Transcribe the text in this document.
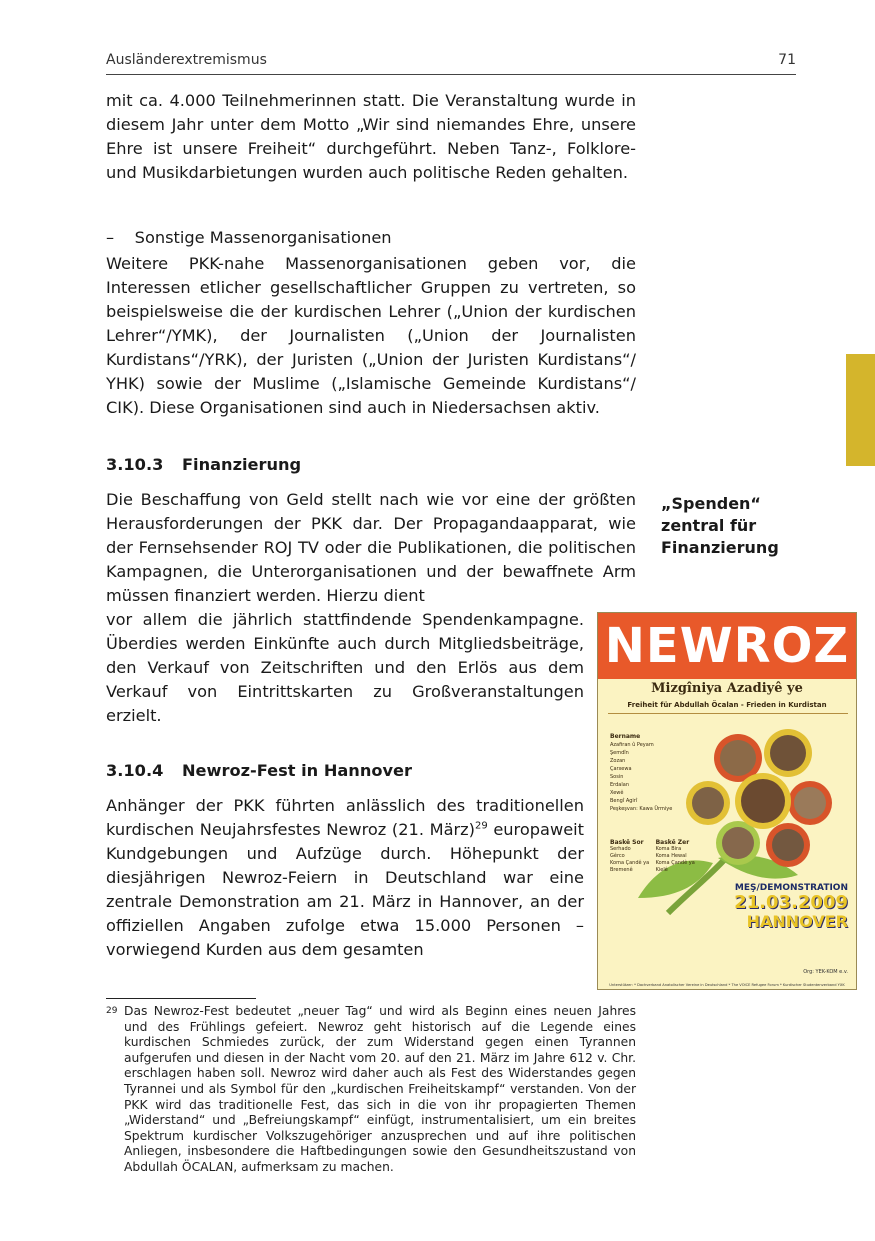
Ausländerextremismus	71

mit ca. 4.000 Teilnehmerinnen statt. Die Veranstaltung wurde in diesem Jahr unter dem Motto „Wir sind niemandes Ehre, unsere Ehre ist unsere Freiheit“ durchgeführt. Neben Tanz-, Folklore- und Musikdarbietungen wurden auch politische Reden gehalten.

–    Sonstige Massenorganisationen

Weitere PKK-nahe Massenorganisationen geben vor, die Interessen etlicher gesellschaftlicher Gruppen zu vertreten, so beispielsweise die der kurdischen Lehrer („Union der kurdischen Lehrer“/YMK), der Journalisten („Union der Journalisten Kurdistans“/YRK), der Juristen („Union der Juristen Kurdistans“/ YHK) sowie der Muslime („Islamische Gemeinde Kurdistans“/ CIK). Diese Organisationen sind auch in Niedersachsen aktiv.

3.10.3 Finanzierung

Die Beschaffung von Geld stellt nach wie vor eine der größten Herausforderungen der PKK dar. Der Propagandaapparat, wie der Fernsehsender ROJ TV oder die Publikationen, die politischen Kampagnen, die Unterorganisationen und der bewaffnete Arm müssen finanziert werden. Hierzu dient

vor allem die jährlich stattfindende Spendenkampagne. Überdies werden Einkünfte auch durch Mitgliedsbeiträge, den Verkauf von Zeitschriften und den Erlös aus dem Verkauf von Eintrittskarten zu Großveranstaltungen erzielt.

„Spenden“
zentral für
Finanzierung
3.10.4 Newroz-Fest in Hannover

Anhänger der PKK führten anlässlich des traditionellen kurdischen Neujahrsfestes Newroz (21. März)$^{29}$ europaweit Kundgebungen und Aufzüge durch. Höhepunkt der diesjährigen Newroz-Feiern in Deutschland war eine zentrale Demonstration am 21. März in Hannover, an der offiziellen Angaben zufolge etwa 15.000 Personen – vorwiegend Kurden aus dem gesamten

NEWROZ
Mizgîniya Azadiyê ye
Freiheit für Abdullah Öcalan - Frieden in Kurdistan
Bername
Azafiran û Peyam
Şemdîn
Zozan
Çarxewa
Sosin
Erdalan
Xewê
Bengî Agirî
Peşkeşvan: Kawa Ürmiye
Baskê Sor
Serhado
Gêrco
Koma Çandê ya
Bremenê

Baskê Zer
Koma Bira
Koma Hewal
Koma Çandê ya
Kielê
MEŞ/DEMONSTRATION
21.03.2009
HANNOVER
Org: YEK-KOM e.v.
Unterstützer: * Dachverband Anatolischer Vereine in Deutschland * The VOICE Refugee Forum * Kurdischer Studentenverband YXK
29 Das Newroz-Fest bedeutet „neuer Tag“ und wird als Beginn eines neuen Jahres und des Frühlings gefeiert. Newroz geht historisch auf die Legende eines kurdischen Schmiedes zurück, der zum Widerstand gegen einen Tyrannen aufgerufen und diesen in der Nacht vom 20. auf den 21. März im Jahre 612 v. Chr. erschlagen haben soll. Newroz wird daher auch als Fest des Widerstandes gegen Tyrannei und als Symbol für den „kurdischen Freiheitskampf“ verstanden. Von der PKK wird das traditionelle Fest, das sich in die von ihr propagierten Themen „Widerstand“ und „Befreiungskampf“ einfügt, instrumentalisiert, um ein breites Spektrum kurdischer Volkszugehöriger anzusprechen und auf ihre politischen Anliegen, insbesondere die Haftbedingungen sowie den Gesundheitszustand von Abdullah ÖCALAN, aufmerksam zu machen.
